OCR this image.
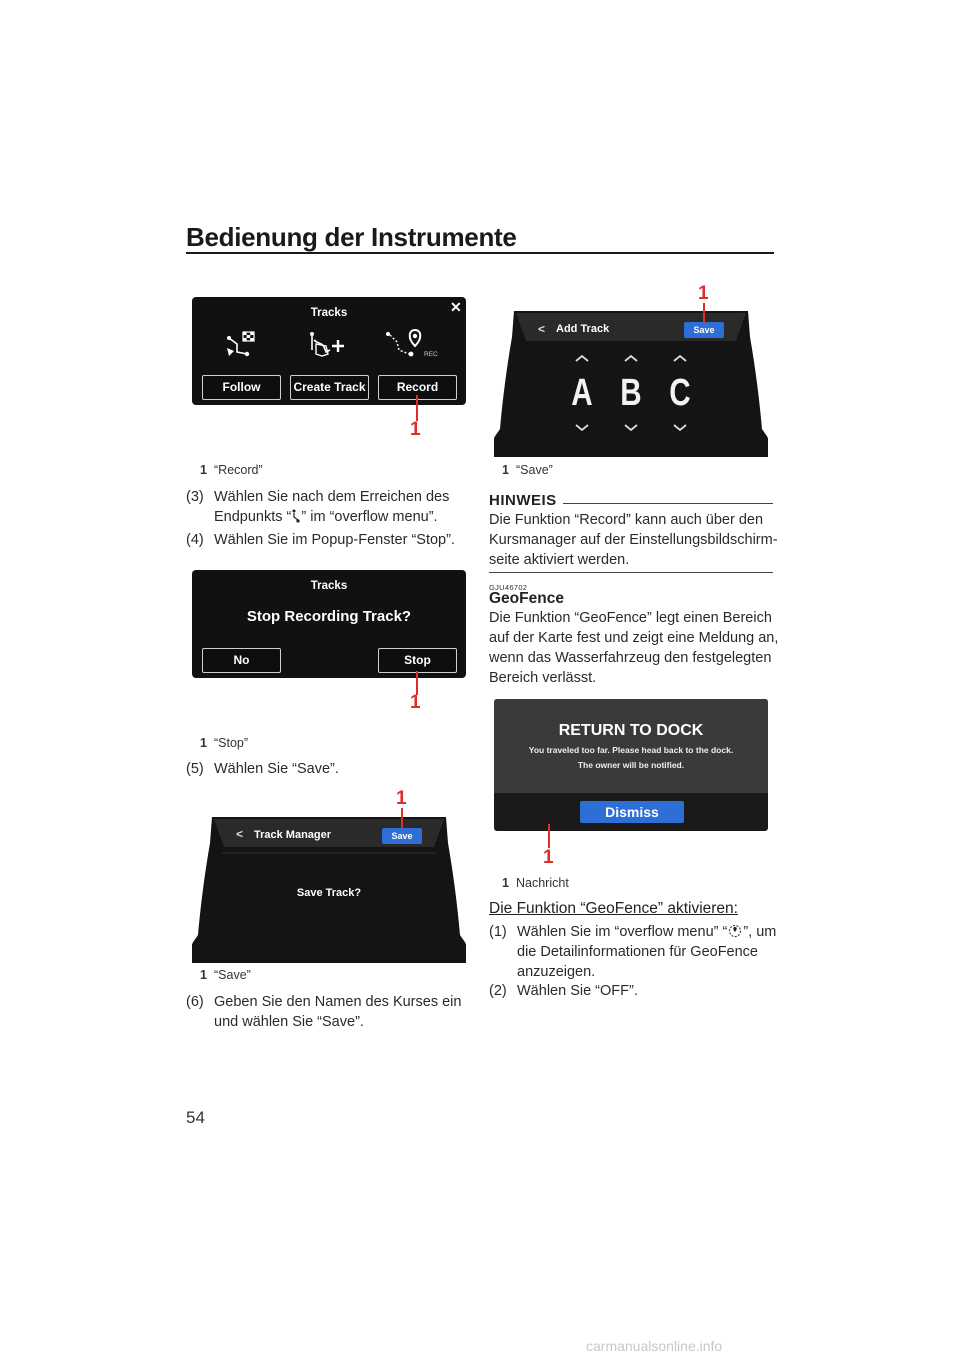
Bedienung der Instrumente
Tracks	✕
REC
Follow	Create Track	Record
1
1 “Record”
(3) Wählen Sie nach dem Erreichen des
Endpunkts “ ” im “overflow menu”.
(4) Wählen Sie im Popup-Fenster “Stop”.
Tracks
Stop Recording Track?
No	Stop
1
1 “Stop”
(5) Wählen Sie “Save”.
< Track Manager	Save
Save Track?
1
1 “Save”
(6) Geben Sie den Namen des Kurses ein
und wählen Sie “Save”.
< Add Track	Save
A B C
1
1 “Save”
HINWEIS
Die Funktion “Record” kann auch über den
Kursmanager auf der Einstellungsbildschirm-
seite aktiviert werden.
GJU46702
GeoFence
Die Funktion “GeoFence” legt einen Bereich
auf der Karte fest und zeigt eine Meldung an,
wenn das Wasserfahrzeug den festgelegten
Bereich verlässt.
RETURN TO DOCK
You traveled too far. Please head back to the dock.
The owner will be notified.
Dismiss
1
1 Nachricht
Die Funktion “GeoFence” aktivieren:
(1) Wählen Sie im “overflow menu” “ ”, um
die Detailinformationen für GeoFence
anzuzeigen.
(2) Wählen Sie “OFF”.
54
carmanualsonline.info
